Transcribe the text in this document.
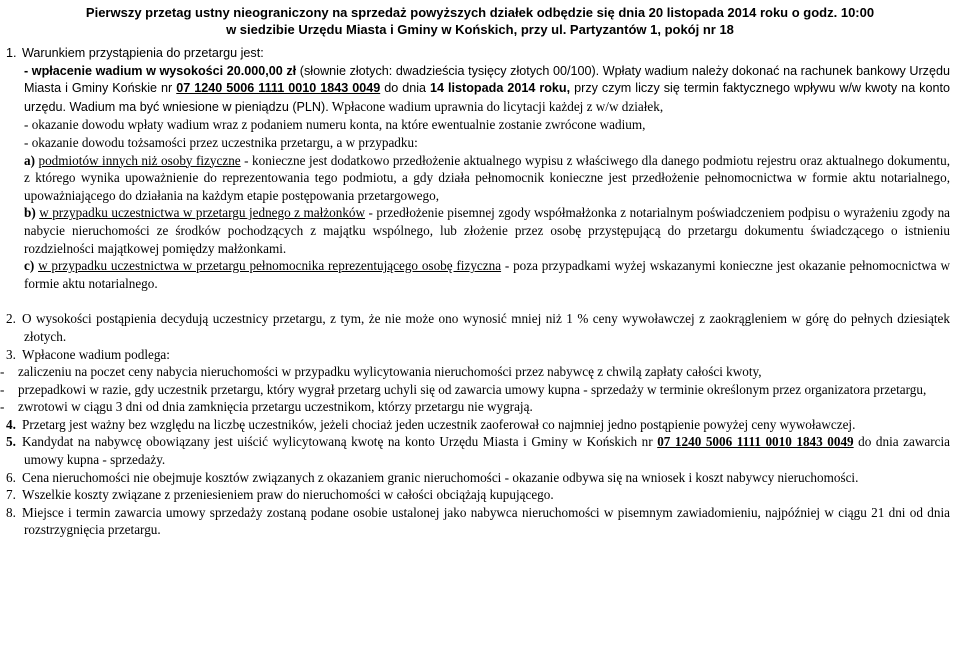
Pierwszy przetag ustny nieograniczony na sprzedaż powyższych działek odbędzie się dnia 20 listopada 2014 roku o godz. 10:00
w siedzibie Urzędu Miasta i Gminy w Końskich, przy ul. Partyzantów 1, pokój nr 18

1. Warunkiem przystąpienia do przetargu jest:

- wpłacenie wadium w wysokości 20.000,00 zł (słownie złotych: dwadzieścia tysięcy złotych 00/100). Wpłaty wadium należy dokonać na rachunek bankowy Urzędu Miasta i Gminy Końskie nr 07 1240 5006 1111 0010 1843 0049 do dnia 14 listopada 2014 roku, przy czym liczy się termin faktycznego wpływu w/w kwoty na konto urzędu. Wadium ma być wniesione w pieniądzu (PLN). Wpłacone wadium uprawnia do licytacji każdej z w/w działek,

- okazanie dowodu wpłaty wadium wraz z podaniem numeru konta, na które ewentualnie zostanie zwrócone wadium,

- okazanie dowodu tożsamości przez uczestnika przetargu, a w przypadku:

a) podmiotów innych niż osoby fizyczne - konieczne jest dodatkowo przedłożenie aktualnego wypisu z właściwego dla danego podmiotu rejestru oraz aktualnego dokumentu, z którego wynika upoważnienie do reprezentowania tego podmiotu, a gdy działa pełnomocnik konieczne jest przedłożenie pełnomocnictwa w formie aktu notarialnego, upoważniającego do działania na każdym etapie postępowania przetargowego,

b) w przypadku uczestnictwa w przetargu jednego z małżonków - przedłożenie pisemnej zgody współmałżonka z notarialnym poświadczeniem podpisu o wyrażeniu zgody na nabycie nieruchomości ze środków pochodzących z majątku wspólnego, lub złożenie przez osobę przystępującą do przetargu dokumentu świadczącego o istnieniu rozdzielności majątkowej pomiędzy małżonkami.

c) w przypadku uczestnictwa w przetargu pełnomocnika reprezentującego osobę fizyczna - poza przypadkami wyżej wskazanymi konieczne jest okazanie pełnomocnictwa w formie aktu notarialnego.

2. O wysokości postąpienia decydują uczestnicy przetargu, z tym, że nie może ono wynosić mniej niż 1 % ceny wywoławczej z zaokrągleniem w górę do pełnych dziesiątek złotych.

3. Wpłacone wadium podlega:

- zaliczeniu na poczet ceny nabycia nieruchomości w przypadku wylicytowania nieruchomości przez nabywcę z chwilą zapłaty całości kwoty,

- przepadkowi w razie, gdy uczestnik przetargu, który wygrał przetarg uchyli się od zawarcia umowy kupna - sprzedaży w terminie określonym przez organizatora przetargu,

- zwrotowi w ciągu 3 dni od dnia zamknięcia przetargu uczestnikom, którzy przetargu nie wygrają.

4. Przetarg jest ważny bez względu na liczbę uczestników, jeżeli chociaż jeden uczestnik zaoferował co najmniej jedno postąpienie powyżej ceny wywoławczej.

5. Kandydat na nabywcę obowiązany jest uiścić wylicytowaną kwotę na konto Urzędu Miasta i Gminy w Końskich nr 07 1240 5006 1111 0010 1843 0049 do dnia zawarcia umowy kupna - sprzedaży.

6. Cena nieruchomości nie obejmuje kosztów związanych z okazaniem granic nieruchomości - okazanie odbywa się na wniosek i koszt nabywcy nieruchomości.

7. Wszelkie koszty związane z przeniesieniem praw do nieruchomości w całości obciążają kupującego.

8. Miejsce i termin zawarcia umowy sprzedaży zostaną podane osobie ustalonej jako nabywca nieruchomości w pisemnym zawiadomieniu, najpóźniej w ciągu 21 dni od dnia rozstrzygnięcia przetargu.
